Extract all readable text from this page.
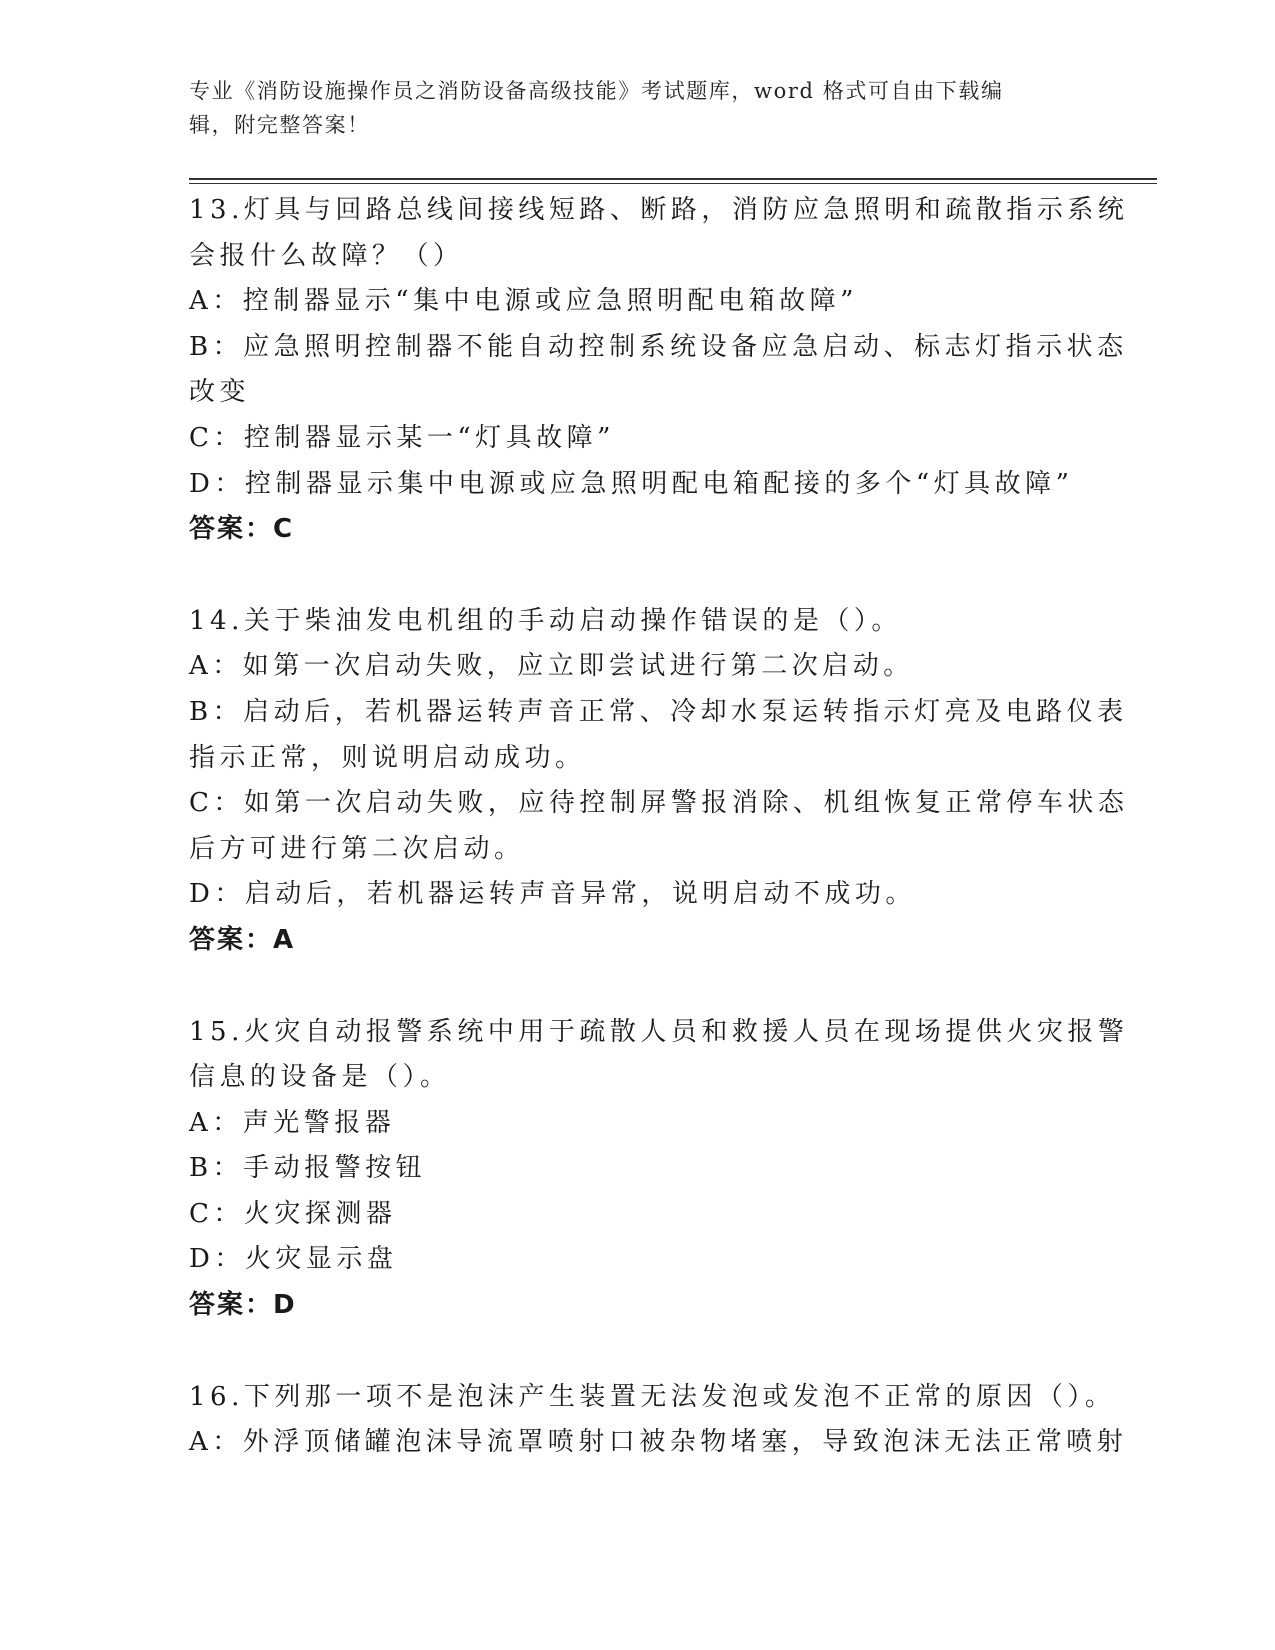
专业《消防设施操作员之消防设备高级技能》考试题库，word 格式可自由下载编
辑，附完整答案！
13.灯具与回路总线间接线短路、断路，消防应急照明和疏散指示系统
会报什么故障？（）
A：控制器显示“集中电源或应急照明配电箱故障”
B：应急照明控制器不能自动控制系统设备应急启动、标志灯指示状态
改变
C：控制器显示某一“灯具故障”
D：控制器显示集中电源或应急照明配电箱配接的多个“灯具故障”
答案：C
14.关于柴油发电机组的手动启动操作错误的是（）。
A：如第一次启动失败，应立即尝试进行第二次启动。
B：启动后，若机器运转声音正常、冷却水泵运转指示灯亮及电路仪表
指示正常，则说明启动成功。
C：如第一次启动失败，应待控制屏警报消除、机组恢复正常停车状态
后方可进行第二次启动。
D：启动后，若机器运转声音异常，说明启动不成功。
答案：A
15.火灾自动报警系统中用于疏散人员和救援人员在现场提供火灾报警
信息的设备是（）。
A：声光警报器
B：手动报警按钮
C：火灾探测器
D：火灾显示盘
答案：D
16.下列那一项不是泡沫产生装置无法发泡或发泡不正常的原因（）。
A：外浮顶储罐泡沫导流罩喷射口被杂物堵塞，导致泡沫无法正常喷射
